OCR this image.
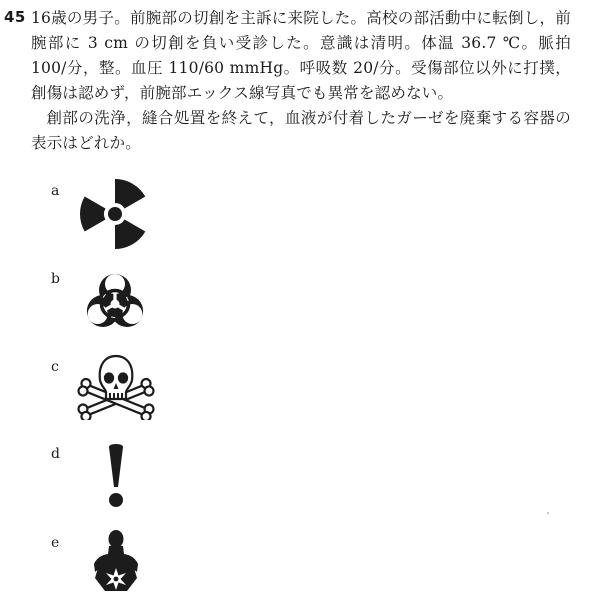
45 16歳の男子。前腕部の切創を主訴に来院した。高校の部活動中に転倒し，前腕部に 3 cm の切創を負い受診した。意識は清明。体温 36.7 ℃。脈拍 100/分，整。血圧 110/60 mmHg。呼吸数 20/分。受傷部位以外に打撲，創傷は認めず，前腕部エックス線写真でも異常を認めない。

創部の洗浄，縫合処置を終えて，血液が付着したガーゼを廃棄する容器の表示はどれか。

a
b
c
d
e
